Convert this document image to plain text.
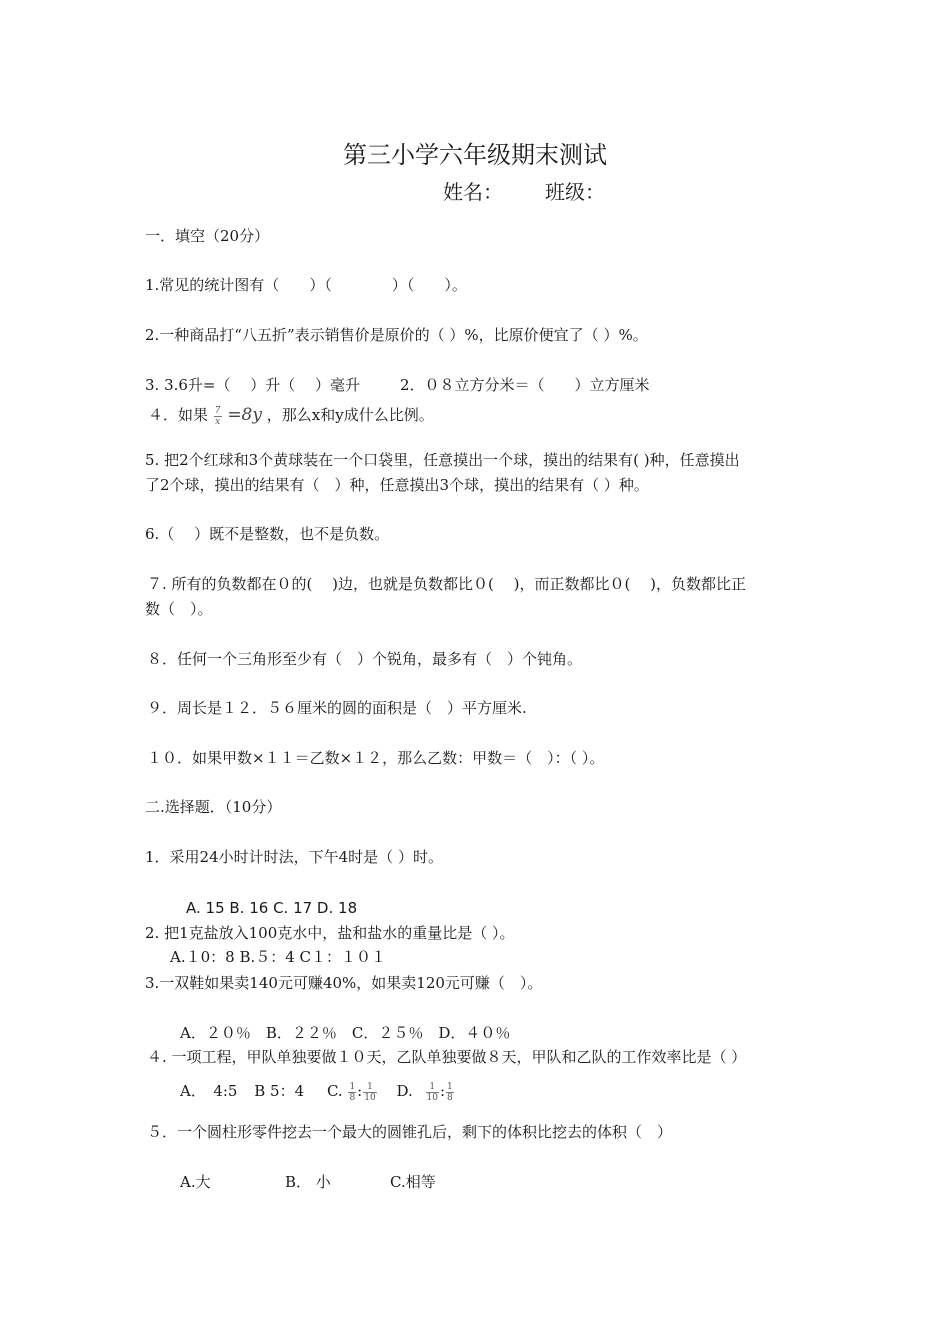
第三小学六年级期末测试
姓名： 班级：
一．填空（20分）
1.常见的统计图有（　　）（　　　　）（　　）。
2.一种商品打“八五折”表示销售价是原价的（ ）%，比原价便宜了（ ）%。
3. 3.6升=（　 ）升（　 ）毫升	2．０８立方分米＝（　　）立方厘米
４．如果 $\frac{7}{x} =8y$ ，那么x和y成什么比例。
5. 把2个红球和3个黄球装在一个口袋里，任意摸出一个球，摸出的结果有( )种，任意摸出
了2个球，摸出的结果有（　）种，任意摸出3个球，摸出的结果有（ ）种。
6.（　 ）既不是整数，也不是负数。
７. 所有的负数都在０的(　 )边，也就是负数都比０(　 )，而正数都比０(　 )，负数都比正
数（　）。
８．任何一个三角形至少有（　）个锐角，最多有（　）个钝角。
９．周长是１２．５６厘米的圆的面积是（　）平方厘米.
１０．如果甲数×１１＝乙数×１２，那么乙数：甲数＝（　）：（ ）。
二.选择题．（10分）
1．采用24小时计时法，下午4时是（ ）时。
A. 15 B. 16 C. 17 D. 18
2. 把1克盐放入100克水中，盐和盐水的重量比是（ ）。
A.１0：8 B.５：4 C１：１０１
3.一双鞋如果卖140元可赚40%，如果卖120元可赚（　）。
A．２０％　B．２２％　C．２５％　D．４０％
４. 一项工程，甲队单独要做１０天，乙队单独要做８天，甲队和乙队的工作效率比是（ ）
A．　4:5 B 5：4 C. $\frac{1}{8}$ : $\frac{1}{10} D$. $\frac{1}{10}$ : $\frac{1}{8}$
５．一个圆柱形零件挖去一个最大的圆锥孔后，剩下的体积比挖去的体积（　）
A.大	B． 小	C.相等
